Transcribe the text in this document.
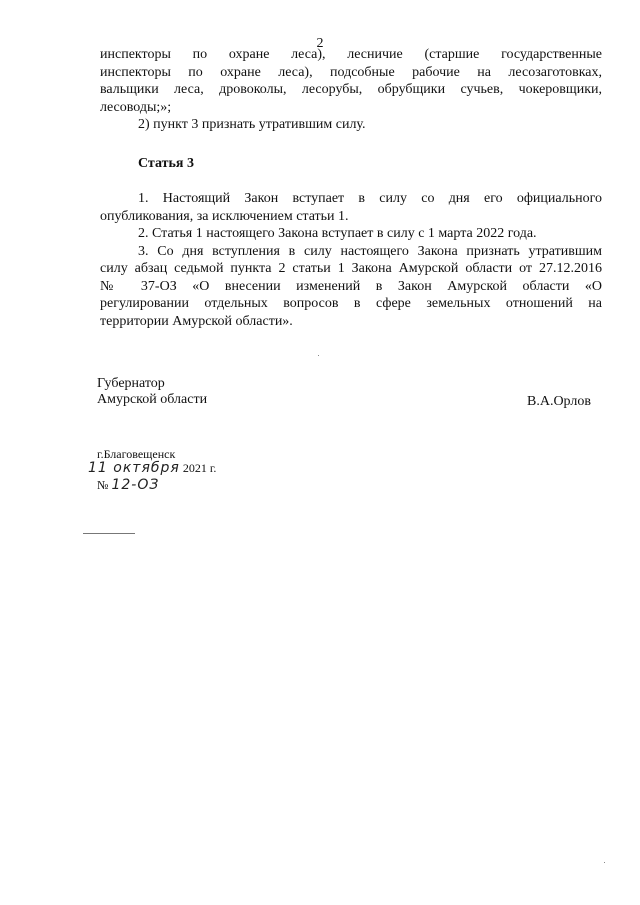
2
инспекторы по охране леса), лесничие (старшие государственные
инспекторы по охране леса), подсобные рабочие на лесозаготовках,
вальщики леса, дровоколы, лесорубы, обрубщики сучьев, чокеровщики,
лесоводы;»;
2) пункт 3 признать утратившим силу.
Статья 3
1. Настоящий Закон вступает в силу со дня его официального
опубликования, за исключением статьи 1.
2. Статья 1 настоящего Закона вступает в силу с 1 марта 2022 года.
3. Со дня вступления в силу настоящего Закона признать утратившим
силу абзац седьмой пункта 2 статьи 1 Закона Амурской области от 27.12.2016
№ 37-ОЗ «О внесении изменений в Закон Амурской области «О
регулировании отдельных вопросов в сфере земельных отношений на
территории Амурской области».
Губернатор
Амурской области	В.А.Орлов
г.Благовещенск
11 октября 2021 г.
№ 12-ОЗ
